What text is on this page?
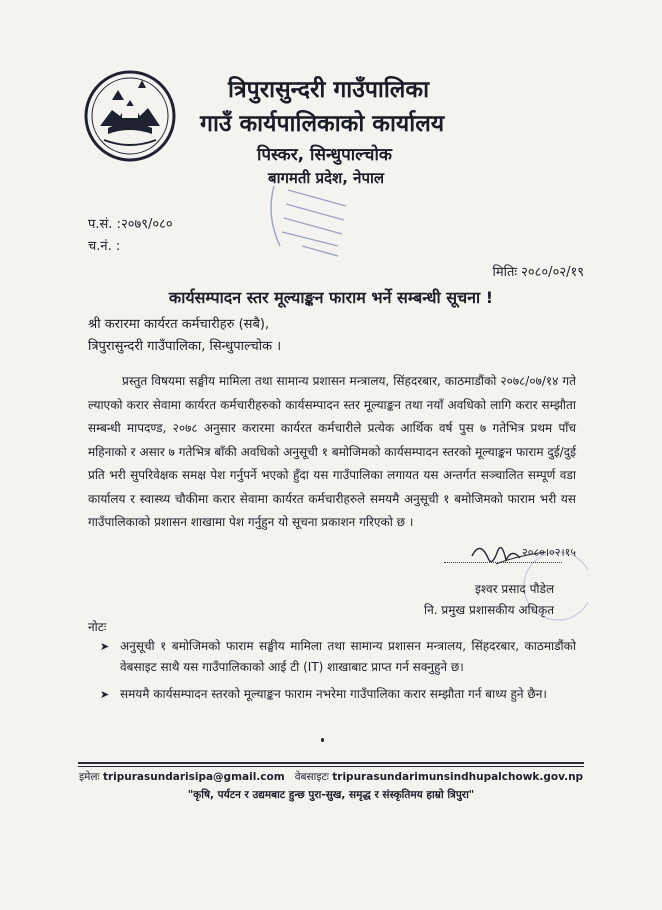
त्रिपुरासुन्दरी गाउँपालिका
गाउँ कार्यपालिकाको कार्यालय
पिस्कर, सिन्धुपाल्चोक
बागमती प्रदेश, नेपाल
प.सं. :२०७९/०८०
च.नं. :
मितिः २०८०/०२/१९
कार्यसम्पादन स्तर मूल्याङ्कन फाराम भर्ने सम्बन्धी सूचना !
श्री करारमा कार्यरत कर्मचारीहरु (सबै),
त्रिपुरासुन्दरी गाउँपालिका, सिन्धुपाल्चोक ।

प्रस्तुत विषयमा सङ्घीय मामिला तथा सामान्य प्रशासन मन्त्रालय, सिंहदरबार, काठमाडौंको २०७८/०७/१४ गते ल्याएको करार सेवामा कार्यरत कर्मचारीहरुको कार्यसम्पादन स्तर मूल्याङ्कन तथा नयाँ अवधिको लागि करार सम्झौता सम्बन्धी मापदण्ड, २०७८ अनुसार करारमा कार्यरत कर्मचारीले प्रत्येक आर्थिक वर्ष पुस ७ गतेभित्र प्रथम पाँच महिनाको र असार ७ गतेभित्र बाँकी अवधिको अनुसूची १ बमोजिमको कार्यसम्पादन स्तरको मूल्याङ्कन फाराम दुई/दुई प्रति भरी सुपरिवेक्षक समक्ष पेश गर्नुपर्ने भएको हुँदा यस गाउँपालिका लगायत यस अन्तर्गत सञ्चालित सम्पूर्ण वडा कार्यालय र स्वास्थ्य चौकीमा करार सेवामा कार्यरत कर्मचारीहरुले समयमै अनुसूची १ बमोजिमको फाराम भरी यस गाउँपालिकाको प्रशासन शाखामा पेश गर्नुहुन यो सूचना प्रकाशन गरिएको छ ।

२०८०।०२।१५
इश्वर प्रसाद पौडेल
नि. प्रमुख प्रशासकीय अधिकृत
नोटः
➤ अनुसूची १ बमोजिमको फाराम सङ्घीय मामिला तथा सामान्य प्रशासन मन्त्रालय, सिंहदरबार, काठमाडौंको वेबसाइट साथै यस गाउँपालिकाको आई टी (IT) शाखाबाट प्राप्त गर्न सक्नुहुने छ।
➤ समयमै कार्यसम्पादन स्तरको मूल्याङ्कन फाराम नभरेमा गाउँपालिका करार सम्झौता गर्न बाध्य हुने छैन।
इमेलः tripurasundarisipa@gmail.com वेबसाइटः tripurasundarimunsindhupalchowk.gov.np
"कृषि, पर्यटन र उद्यमबाट हुन्छ पुरा-सुख, समृद्ध र संस्कृतिमय हाम्रो त्रिपुरा"
